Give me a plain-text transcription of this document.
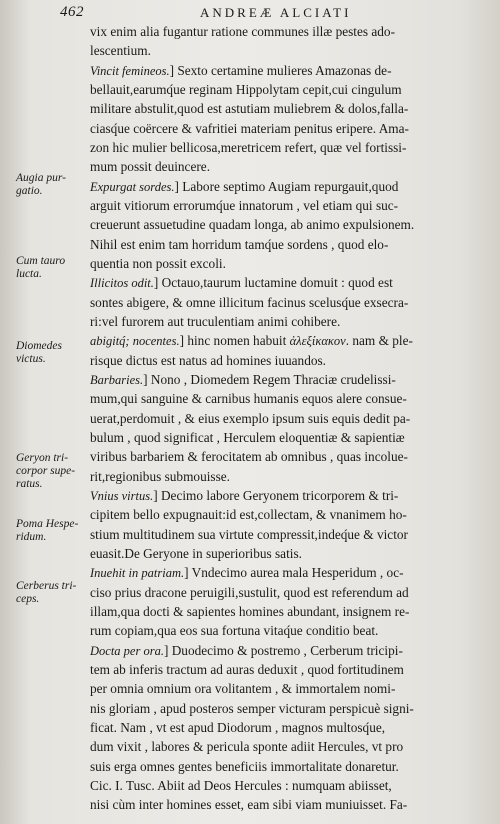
462	ANDREÆ ALCIATI
Augia pur-
gatio.
Cum tauro
lucta.
Diomedes
victus.
Geryon tri-
corpor supe-
ratus.
Poma Hespe-
ridum.
Cerberus tri-
ceps.
vix enim alia fugantur ratione communes illæ pestes ado-
lescentium.
Vincit femineos.] Sexto certamine mulieres Amazonas de-
bellauit,earumq́ue reginam Hippolytam cepit,cui cingulum
militare abstulit,quod est astutiam muliebrem & dolos,falla-
ciasq́ue coërcere & vafritiei materiam penitus eripere. Ama-
zon hic mulier bellicosa,meretricem refert, quæ vel fortissi-
mum possit deuincere.
Expurgat sordes.] Labore septimo Augiam repurgauit,quod
arguit vitiorum errorumq́ue innatorum , vel etiam qui suc-
creuerunt assuetudine quadam longa, ab animo expulsionem.
Nihil est enim tam horridum tamq́ue sordens , quod elo-
quentia non possit excoli.
Illicitos odit.] Octauo,taurum luctamine domuit : quod est
sontes abigere, & omne illicitum facinus scelusq́ue exsecra-
ri:vel furorem aut truculentiam animi cohibere.
abigitq́; nocentes.] hinc nomen habuit ἀλεξίκακον. nam & ple-
risque dictus est natus ad homines iuuandos.
Barbaries.] Nono , Diomedem Regem Thraciæ crudelissi-
mum,qui sanguine & carnibus humanis equos alere consue-
uerat,perdomuit , & eius exemplo ipsum suis equis dedit pa-
bulum , quod significat , Herculem eloquentiæ & sapientiæ
viribus barbariem & ferocitatem ab omnibus , quas incolue-
rit,regionibus submouisse.
Vnius virtus.] Decimo labore Geryonem tricorporem & tri-
cipitem bello expugnauit:id est,collectam, & vnanimem ho-
stium multitudinem sua virtute compressit,indeq́ue & victor
euasit.De Geryone in superioribus satis.
Inuehit in patriam.] Vndecimo aurea mala Hesperidum , oc-
ciso prius dracone peruigili,sustulit, quod est referendum ad
illam,qua docti & sapientes homines abundant, insignem re-
rum copiam,qua eos sua fortuna vitaq́ue conditio beat.
Docta per ora.] Duodecimo & postremo , Cerberum tricipi-
tem ab inferis tractum ad auras deduxit , quod fortitudinem
per omnia omnium ora volitantem , & immortalem nomi-
nis gloriam , apud posteros semper victuram perspicuè signi-
ficat. Nam , vt est apud Diodorum , magnos multosq́ue,
dum vixit , labores & pericula sponte adiit Hercules, vt pro
suis erga omnes gentes beneficiis immortalitate donaretur.
Cic. I. Tusc. Abiit ad Deos Hercules : numquam abiisset,
nisi cùm inter homines esset, eam sibi viam muniuisset. Fa-
